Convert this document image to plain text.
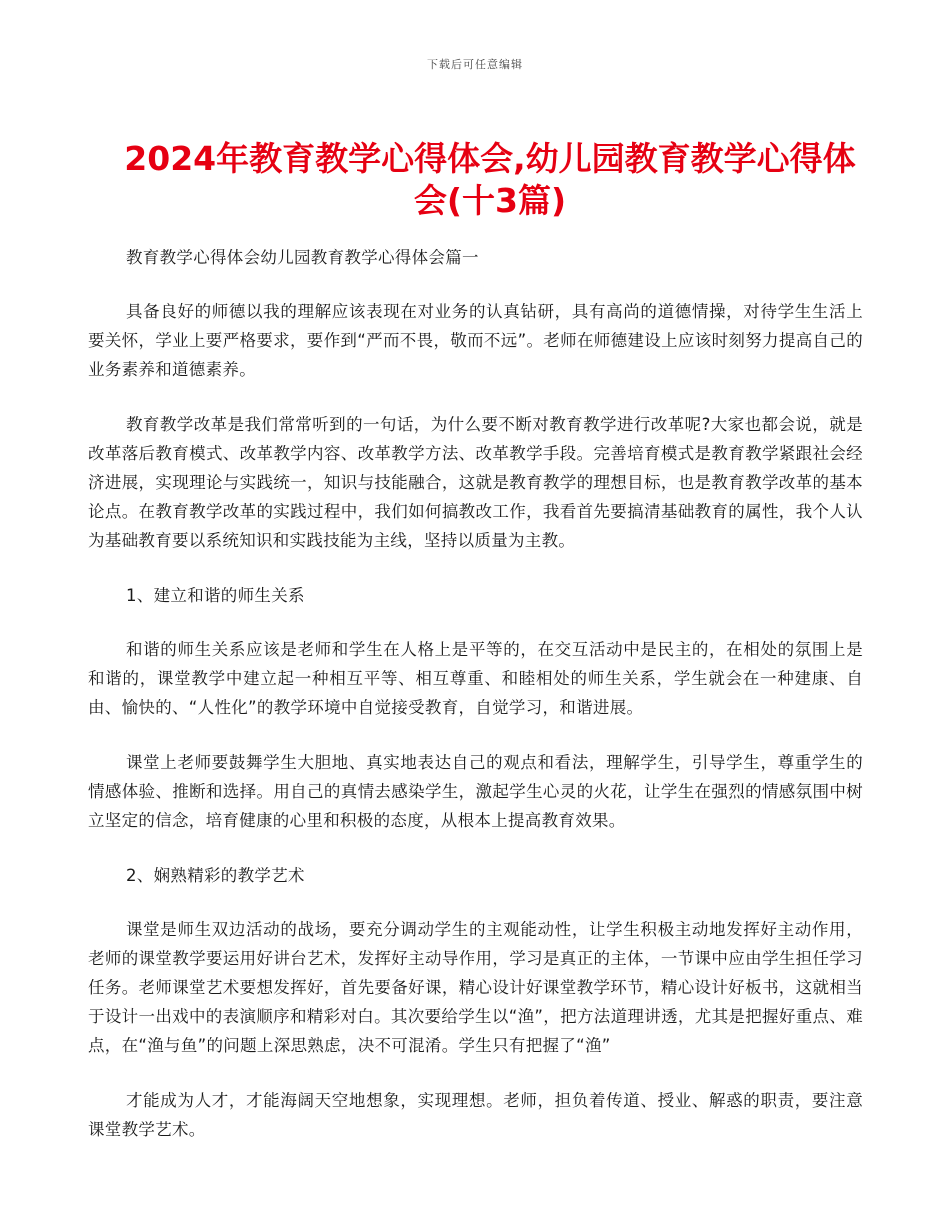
下载后可任意编辑
2024年教育教学心得体会,幼儿园教育教学心得体会(十3篇)

教育教学心得体会幼儿园教育教学心得体会篇一

具备良好的师德以我的理解应该表现在对业务的认真钻研，具有高尚的道德情操，对待学生生活上要关怀，学业上要严格要求，要作到“严而不畏，敬而不远”。老师在师德建设上应该时刻努力提高自己的业务素养和道德素养。

教育教学改革是我们常常听到的一句话，为什么要不断对教育教学进行改革呢?大家也都会说，就是改革落后教育模式、改革教学内容、改革教学方法、改革教学手段。完善培育模式是教育教学紧跟社会经济进展，实现理论与实践统一，知识与技能融合，这就是教育教学的理想目标，也是教育教学改革的基本论点。在教育教学改革的实践过程中，我们如何搞教改工作，我看首先要搞清基础教育的属性，我个人认为基础教育要以系统知识和实践技能为主线，坚持以质量为主教。

1、建立和谐的师生关系

和谐的师生关系应该是老师和学生在人格上是平等的，在交互活动中是民主的，在相处的氛围上是和谐的，课堂教学中建立起一种相互平等、相互尊重、和睦相处的师生关系，学生就会在一种建康、自由、愉快的、“人性化”的教学环境中自觉接受教育，自觉学习，和谐进展。

课堂上老师要鼓舞学生大胆地、真实地表达自己的观点和看法，理解学生，引导学生，尊重学生的情感体验、推断和选择。用自己的真情去感染学生，激起学生心灵的火花，让学生在强烈的情感氛围中树立坚定的信念，培育健康的心里和积极的态度，从根本上提高教育效果。

2、娴熟精彩的教学艺术

课堂是师生双边活动的战场，要充分调动学生的主观能动性，让学生积极主动地发挥好主动作用，老师的课堂教学要运用好讲台艺术，发挥好主动导作用，学习是真正的主体，一节课中应由学生担任学习任务。老师课堂艺术要想发挥好，首先要备好课，精心设计好课堂教学环节，精心设计好板书，这就相当于设计一出戏中的表演顺序和精彩对白。其次要给学生以“渔”，把方法道理讲透，尤其是把握好重点、难点，在“渔与鱼”的问题上深思熟虑，决不可混淆。学生只有把握了“渔”

才能成为人才，才能海阔天空地想象，实现理想。老师，担负着传道、授业、解惑的职责，要注意课堂教学艺术。
